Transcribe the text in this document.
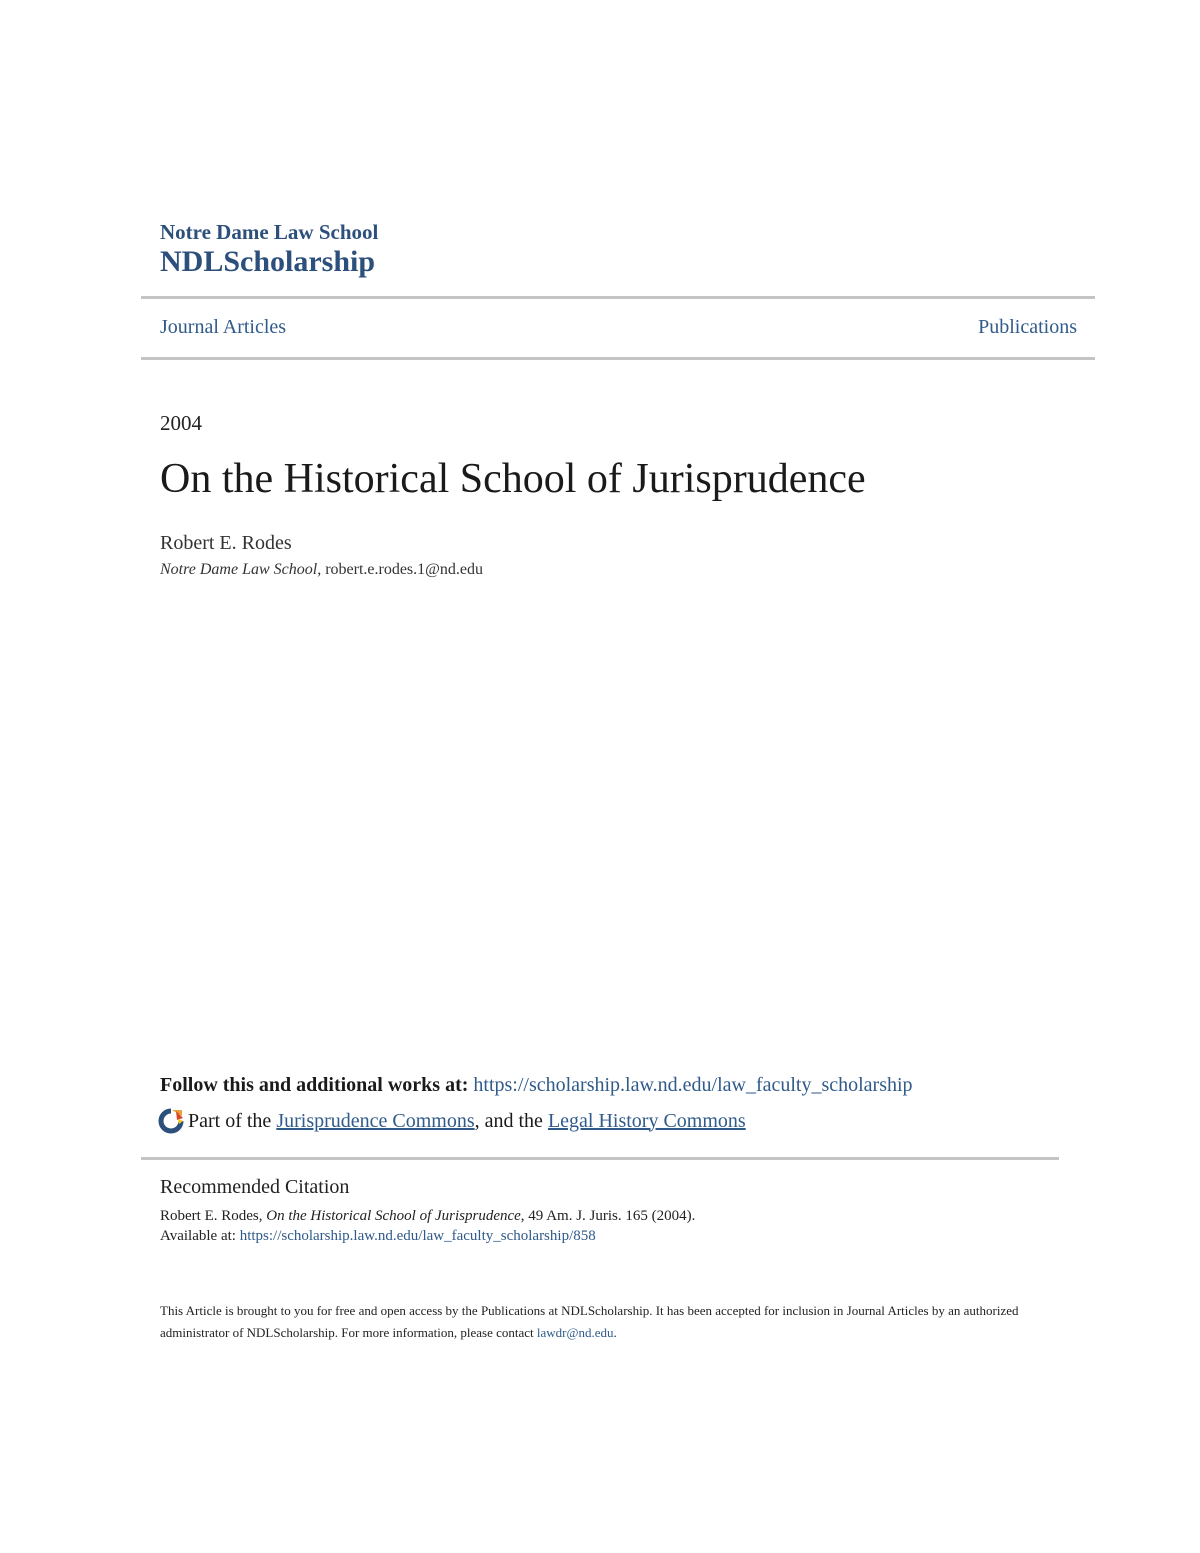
Notre Dame Law School
NDLScholarship
Journal Articles	Publications
2004
On the Historical School of Jurisprudence
Robert E. Rodes
Notre Dame Law School, robert.e.rodes.1@nd.edu
Follow this and additional works at: https://scholarship.law.nd.edu/law_faculty_scholarship
Part of the Jurisprudence Commons , and the Legal History Commons
Recommended Citation
Robert E. Rodes, On the Historical School of Jurisprudence, 49 Am. J. Juris. 165 (2004).
Available at: https://scholarship.law.nd.edu/law_faculty_scholarship/858
This Article is brought to you for free and open access by the Publications at NDLScholarship. It has been accepted for inclusion in Journal Articles by an authorized administrator of NDLScholarship. For more information, please contact lawdr@nd.edu.
